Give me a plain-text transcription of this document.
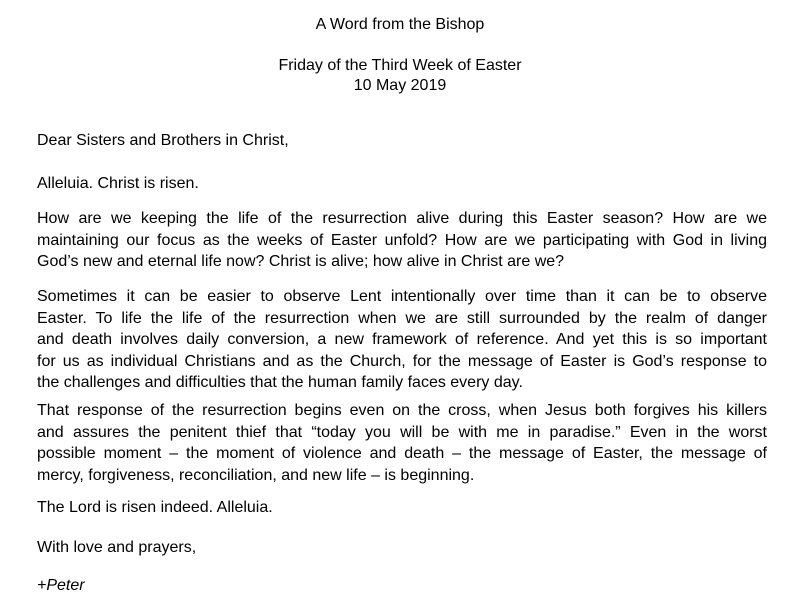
A Word from the Bishop
Friday of the Third Week of Easter
10 May 2019
Dear Sisters and Brothers in Christ,
Alleluia. Christ is risen.
How are we keeping the life of the resurrection alive during this Easter season? How are we
maintaining our focus as the weeks of Easter unfold? How are we participating with God in living
God’s new and eternal life now? Christ is alive; how alive in Christ are we?
Sometimes it can be easier to observe Lent intentionally over time than it can be to observe
Easter. To life the life of the resurrection when we are still surrounded by the realm of danger
and death involves daily conversion, a new framework of reference. And yet this is so important
for us as individual Christians and as the Church, for the message of Easter is God’s response to
the challenges and difficulties that the human family faces every day.
That response of the resurrection begins even on the cross, when Jesus both forgives his killers
and assures the penitent thief that “today you will be with me in paradise.” Even in the worst
possible moment – the moment of violence and death – the message of Easter, the message of
mercy, forgiveness, reconciliation, and new life – is beginning.
The Lord is risen indeed. Alleluia.
With love and prayers,
+Peter
